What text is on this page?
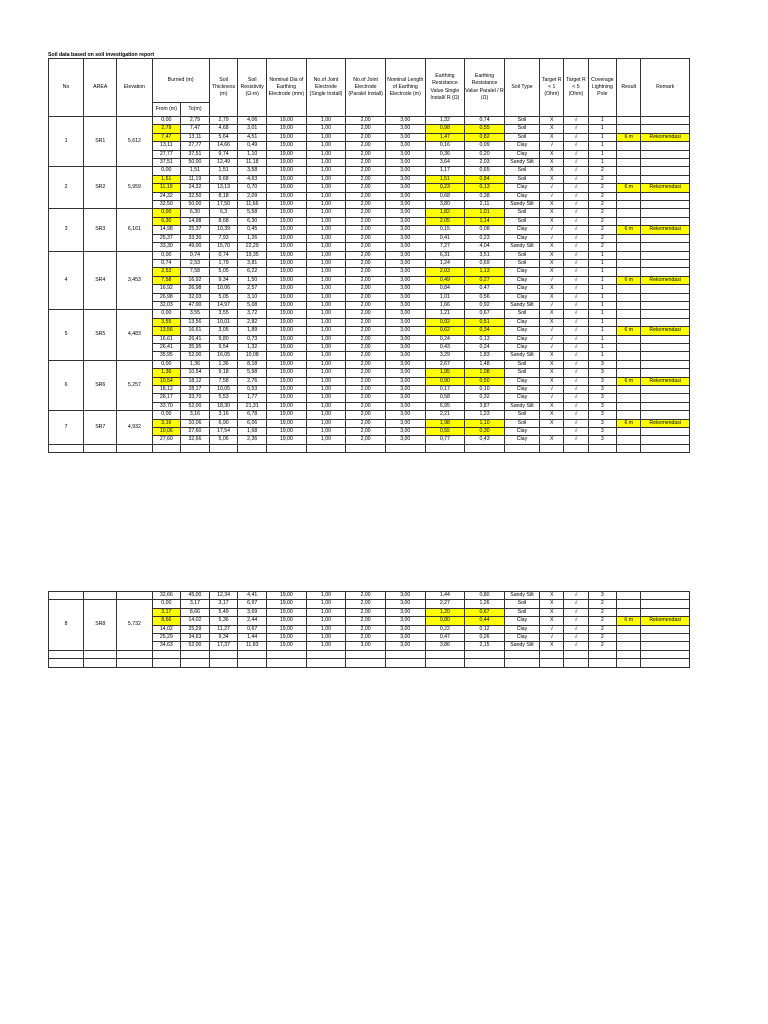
Soil data based on soil investigation report
No	AREA	Elevation	Burried (m)		Soil Thickness (m)	Soil Resistivity (Ω-m)	Nominal Dia of Earthing Electrode (mm)	No.of Joint Electrode (Single Install)	No.of Joint Electrode (Paralel Install)	Nominal Length of Earthing Electrode (m)	Earthing Resistance Value Single Install/ R (Ω)	Earthing Resistance Value Paralel / R (Ω)	Soil Type	Target R < 1 (Ohm)	Target R < 5 (Ohm)	Coverage Lightning Pole	Result	Remark
			From (m)	To(m)														
1	SR1	5,612	0,00	2,79	2,79	4,06	19,00	1,00	2,00	3,00	1,32	0,74	Soil	X	√	1		
			2,79	7,47	4,68	3,01	19,00	1,00	2,00	3,00	0,98	0,55	Soil	X	√	1		
			7,47	13,11	5,64	4,51	19,00	1,00	2,00	3,00	1,47	0,82	Soil	X	√	1	6 m	Rekomendasi
			13,11	27,77	14,66	0,49	19,00	1,00	2,00	3,00	0,16	0,09	Clay	√	√	1		
			27,77	37,51	9,74	1,10	19,00	1,00	2,00	3,00	0,36	0,20	Clay	X	√	1		
			37,51	50,00	12,49	11,18	19,00	1,00	2,00	3,00	3,64	2,03	Sandy Silt	X	√	1		
2	SR2	5,959	0,00	1,51	1,51	3,58	19,00	1,00	2,00	3,00	1,17	0,65	Soil	X	√	2		
			1,51	11,19	9,68	4,63	19,00	1,00	2,00	3,00	1,51	0,84	Soil	X	√	2		
			11,19	24,32	13,13	0,70	19,00	1,00	2,00	3,00	0,23	0,13	Clay	√	√	2	6 m	Rekomendasi
			24,32	32,50	8,18	2,09	19,00	1,00	2,00	3,00	0,68	0,38	Clay	√	√	2		
			32,50	50,00	17,50	11,66	19,00	1,00	2,00	3,00	3,80	2,11	Sandy Silt	X	√	2		
3	SR3	6,161	0,00	6,30	6,3	5,58	19,00	1,00	2,00	3,00	1,82	1,01	Soil	X	√	2		
			6,30	14,98	8,68	6,30	19,00	1,00	2,00	3,00	2,05	1,14	Soil	X	√	2		
			14,98	25,37	10,39	0,45	19,00	1,00	2,00	3,00	0,15	0,08	Clay	√	√	2	6 m	Rekomendasi
			25,37	33,30	7,93	1,26	19,00	1,00	2,00	3,00	0,41	0,23	Clay	√	√	2		
			33,30	49,00	15,70	22,29	19,00	1,00	2,00	3,00	7,27	4,04	Sandy Silt	X	√	2		
4	SR4	3,453	0,00	0,74	0,74	19,35	19,00	1,00	2,00	3,00	6,31	3,51	Soil	X	√	1		
			0,74	2,53	1,79	3,81	19,00	1,00	2,00	3,00	1,24	0,69	Soil	X	√	1		
			2,53	7,58	5,05	6,22	19,00	1,00	2,00	3,00	2,03	1,13	Clay	X	√	1		
			7,58	16,92	9,34	1,50	19,00	1,00	2,00	3,00	0,49	0,27	Clay	√	√	1	6 m	Rekomendasi
			16,92	26,98	10,06	2,57	19,00	1,00	2,00	3,00	0,84	0,47	Clay	X	√	1		
			26,98	32,03	5,05	3,10	19,00	1,00	2,00	3,00	1,01	0,56	Clay	X	√	1		
			32,03	47,00	14,97	5,08	19,00	1,00	2,00	3,00	1,66	0,92	Sandy Silt	√	√	1		
5	SR5	4,483	0,00	3,55	3,55	3,72	19,00	1,00	2,00	3,00	1,21	0,67	Soil	X	√	1		
			3,55	13,56	10,01	2,82	19,00	1,00	2,00	3,00	0,92	0,51	Clay	X	√	1		
			13,56	16,61	3,05	1,89	19,00	1,00	2,00	3,00	0,62	0,34	Clay	√	√	1	6 m	Rekomendasi
			16,61	26,41	9,80	0,73	19,00	1,00	2,00	3,00	0,24	0,13	Clay	√	√	1		
			26,41	35,95	9,54	1,32	19,00	1,00	2,00	3,00	0,43	0,24	Clay	√	√	1		
			35,95	52,00	16,05	10,08	19,00	1,00	2,00	3,00	3,29	1,83	Sandy Silt	X	√	1		
6	SR6	5,257	0,00	1,36	1,36	8,18	19,00	1,00	2,00	3,00	2,67	1,48	Soil	X	√	3		
			1,36	10,54	9,18	5,98	19,00	1,00	2,00	3,00	1,95	1,08	Soil	X	√	3		
			10,54	18,12	7,58	2,76	19,00	1,00	2,00	3,00	0,90	0,50	Clay	X	√	3	6 m	Rekomendasi
			18,12	28,17	10,05	0,53	19,00	1,00	2,00	3,00	0,17	0,10	Clay	√	√	3		
			28,17	33,70	5,53	1,77	19,00	1,00	2,00	3,00	0,58	0,32	Clay	√	√	3		
			33,70	52,00	18,30	21,31	19,00	1,00	2,00	3,00	6,95	3,87	Sandy Silt	X	√	3		
7	SR7	4,932	0,00	3,16	3,16	6,78	19,00	1,00	2,00	3,00	2,21	1,23	Soil	X	√	3		
			3,16	10,06	6,90	6,06	19,00	1,00	2,00	3,00	1,98	1,10	Soil	X	√	3	6 m	Rekomendasi
			10,06	27,60	17,54	1,68	19,00	1,00	2,00	3,00	0,55	0,30	Clay		√	3		
			27,60	32,66	5,06	2,36	19,00	1,00	2,00	3,00	0,77	0,43	Clay	X	√	3		

			32,66	45,00	12,34	4,41	19,00	1,00	2,00	3,00	1,44	0,80	Sandy Silt	X	√	3		
8	SR8	5,732	0,00	3,17	3,17	6,97	19,00	1,00	2,00	3,00	2,27	1,26	Soil	X	√	2		
			3,17	8,66	5,49	3,69	19,00	1,00	2,00	3,00	1,20	0,67	Soil	X	√	2		
			8,66	14,02	5,36	2,44	19,00	1,00	2,00	3,00	0,80	0,44	Clay	X	√	2	6 m	Rekomendasi
			14,02	25,29	11,27	0,67	19,00	1,00	2,00	3,00	0,22	0,12	Clay	√	√	2		
			25,29	34,63	9,34	1,44	19,00	1,00	2,00	3,00	0,47	0,26	Clay	√	√	2		
			34,63	52,00	17,37	11,83	19,00	1,00	3,00	3,00	3,86	2,15	Sandy Silt	X	√	2		
